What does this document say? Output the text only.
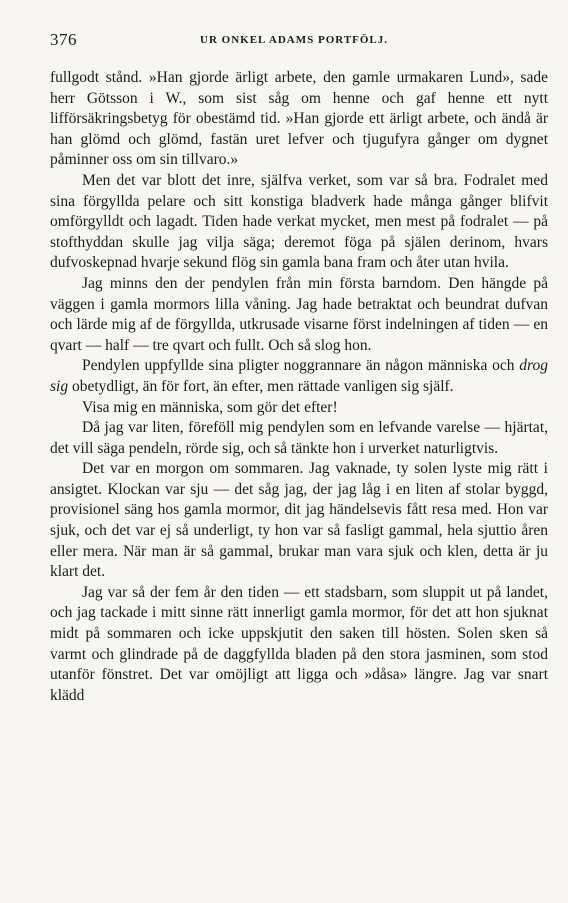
376	UR ONKEL ADAMS PORTFÖLJ.

fullgodt stånd. »Han gjorde ärligt arbete, den gamle urmakaren Lund», sade herr Götsson i W., som sist såg om henne och gaf henne ett nytt lifförsäkringsbetyg för obestämd tid. »Han gjorde ett ärligt arbete, och ändå är han glömd och glömd, fastän uret lefver och tjugufyra gånger om dygnet påminner oss om sin tillvaro.»

Men det var blott det inre, själfva verket, som var så bra. Fodralet med sina förgyllda pelare och sitt konstiga bladverk hade många gånger blifvit omförgylldt och lagadt. Tiden hade verkat mycket, men mest på fodralet — på stofthyddan skulle jag vilja säga; deremot föga på själen derinom, hvars dufvoskepnad hvarje sekund flög sin gamla bana fram och åter utan hvila.

Jag minns den der pendylen från min första barndom. Den hängde på väggen i gamla mormors lilla våning. Jag hade betraktat och beundrat dufvan och lärde mig af de förgyllda, utkrusade visarne först indelningen af tiden — en qvart — half — tre qvart och fullt. Och så slog hon.

Pendylen uppfyllde sina pligter noggrannare än någon människa och drog sig obetydligt, än för fort, än efter, men rättade vanligen sig själf.

Visa mig en människa, som gör det efter!

Då jag var liten, föreföll mig pendylen som en lefvande varelse — hjärtat, det vill säga pendeln, rörde sig, och så tänkte hon i urverket naturligtvis.

Det var en morgon om sommaren. Jag vaknade, ty solen lyste mig rätt i ansigtet. Klockan var sju — det såg jag, der jag låg i en liten af stolar byggd, provisionel säng hos gamla mormor, dit jag händelsevis fått resa med. Hon var sjuk, och det var ej så underligt, ty hon var så fasligt gammal, hela sjuttio åren eller mera. När man är så gammal, brukar man vara sjuk och klen, detta är ju klart det.

Jag var så der fem år den tiden — ett stadsbarn, som sluppit ut på landet, och jag tackade i mitt sinne rätt innerligt gamla mormor, för det att hon sjuknat midt på sommaren och icke uppskjutit den saken till hösten. Solen sken så varmt och glindrade på de daggfyllda bladen på den stora jasminen, som stod utanför fönstret. Det var omöjligt att ligga och »dåsa» längre. Jag var snart klädd
